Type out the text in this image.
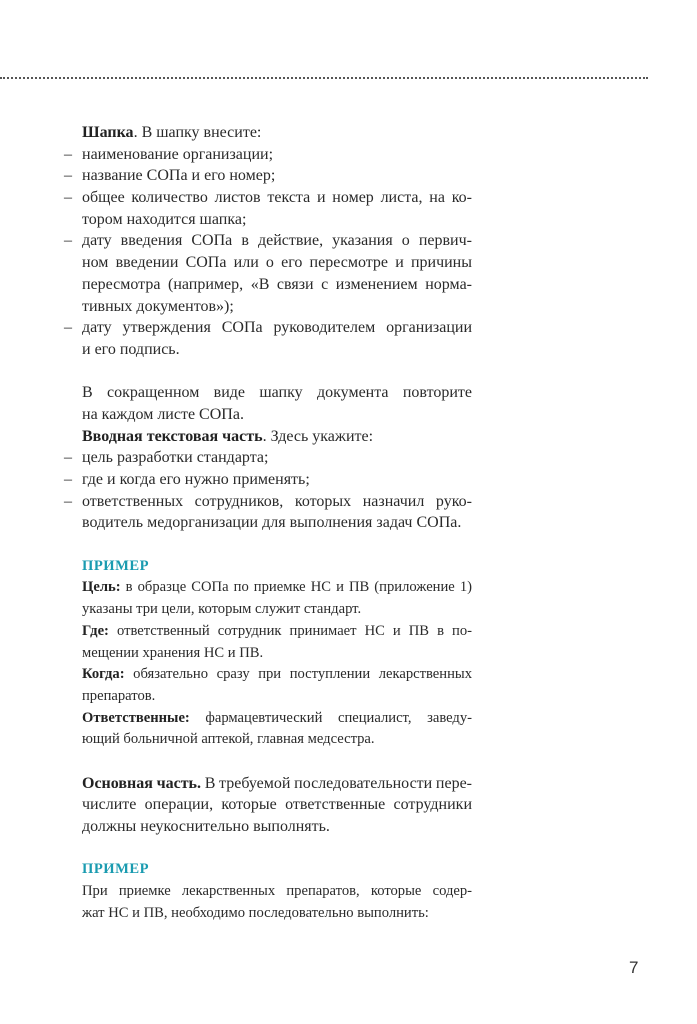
Шапка. В шапку внесите:
– наименование организации;
– название СОПа и его номер;
– общее количество листов текста и номер листа, на ко-
тором находится шапка;
– дату введения СОПа в действие, указания о первич-
ном введении СОПа или о его пересмотре и причины
пересмотра (например, «В связи с изменением норма-
тивных документов»);
– дату утверждения СОПа руководителем организации
и его подпись.
В сокращенном виде шапку документа повторите
на каждом листе СОПа.
Вводная текстовая часть. Здесь укажите:
– цель разработки стандарта;
– где и когда его нужно применять;
– ответственных сотрудников, которых назначил руко-
водитель медорганизации для выполнения задач СОПа.
ПРИМЕР
Цель: в образце СОПа по приемке НС и ПВ (приложение 1)
указаны три цели, которым служит стандарт.
Где: ответственный сотрудник принимает НС и ПВ в по-
мещении хранения НС и ПВ.
Когда: обязательно сразу при поступлении лекарственных
препаратов.
Ответственные: фармацевтический специалист, заведу-
ющий больничной аптекой, главная медсестра.
Основная часть. В требуемой последовательности пере-
числите операции, которые ответственные сотрудники
должны неукоснительно выполнять.
ПРИМЕР
При приемке лекарственных препаратов, которые содер-
жат НС и ПВ, необходимо последовательно выполнить:
7
